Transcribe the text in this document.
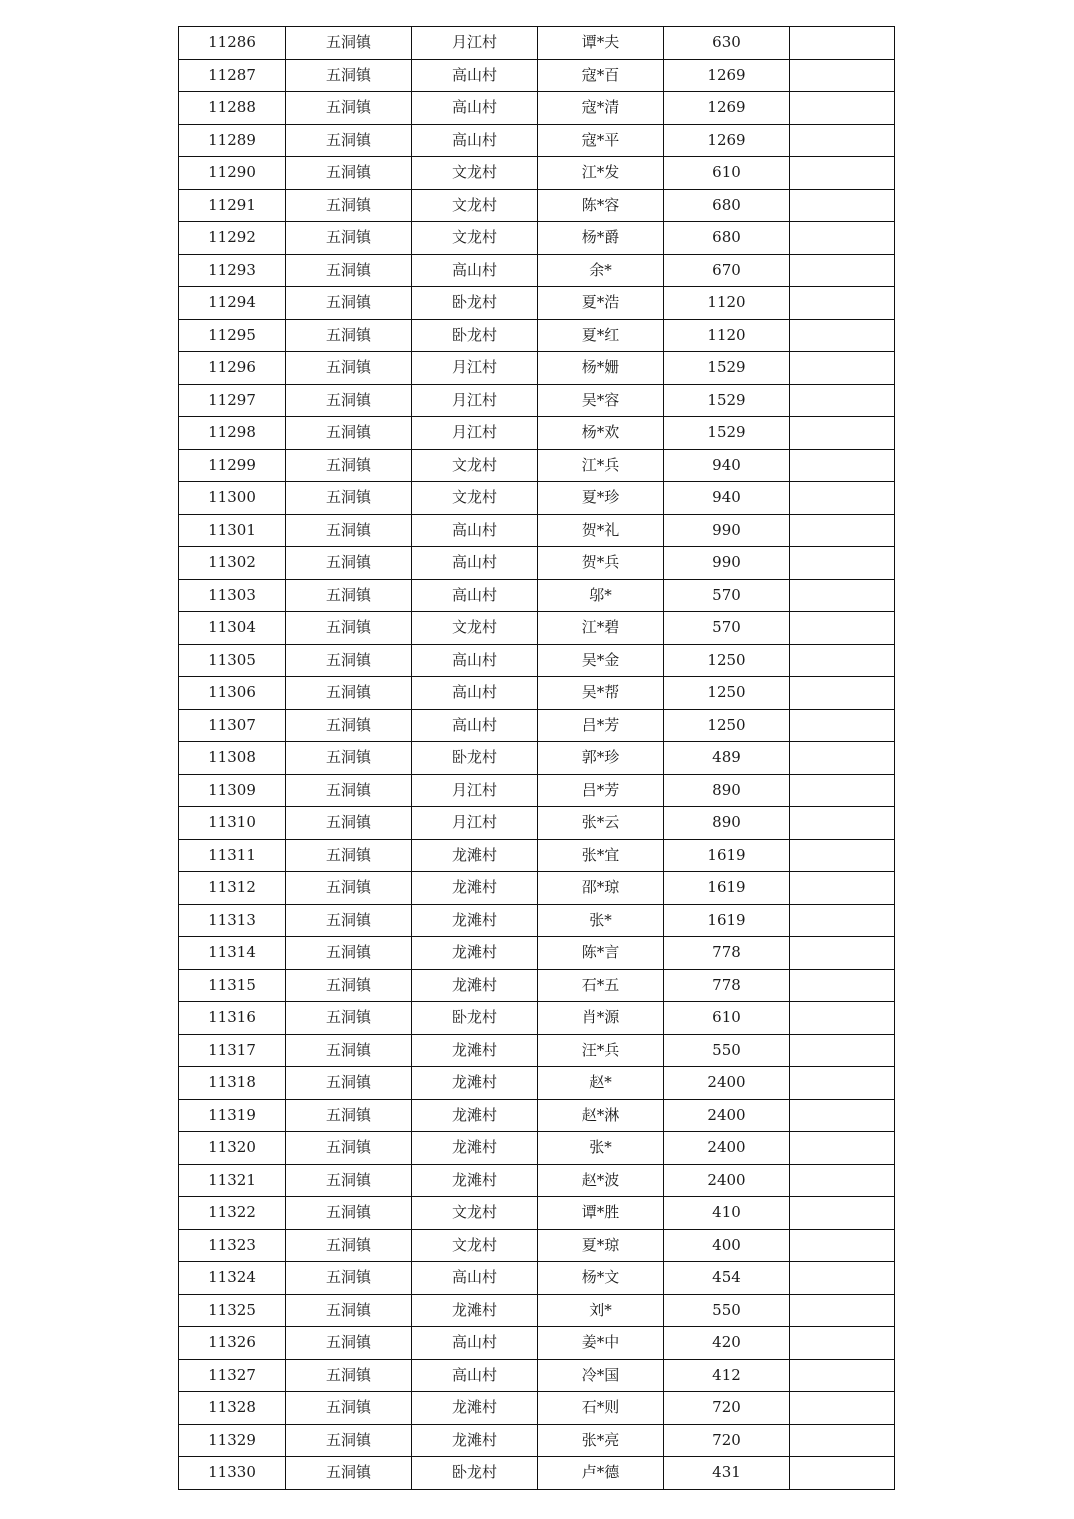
11286	五洞镇	月江村	谭*夫	630	
11287	五洞镇	高山村	寇*百	1269	
11288	五洞镇	高山村	寇*清	1269	
11289	五洞镇	高山村	寇*平	1269	
11290	五洞镇	文龙村	江*发	610	
11291	五洞镇	文龙村	陈*容	680	
11292	五洞镇	文龙村	杨*爵	680	
11293	五洞镇	高山村	余*	670	
11294	五洞镇	卧龙村	夏*浩	1120	
11295	五洞镇	卧龙村	夏*红	1120	
11296	五洞镇	月江村	杨*姗	1529	
11297	五洞镇	月江村	吴*容	1529	
11298	五洞镇	月江村	杨*欢	1529	
11299	五洞镇	文龙村	江*兵	940	
11300	五洞镇	文龙村	夏*珍	940	
11301	五洞镇	高山村	贺*礼	990	
11302	五洞镇	高山村	贺*兵	990	
11303	五洞镇	高山村	邬*	570	
11304	五洞镇	文龙村	江*碧	570	
11305	五洞镇	高山村	吴*金	1250	
11306	五洞镇	高山村	吴*帮	1250	
11307	五洞镇	高山村	吕*芳	1250	
11308	五洞镇	卧龙村	郭*珍	489	
11309	五洞镇	月江村	吕*芳	890	
11310	五洞镇	月江村	张*云	890	
11311	五洞镇	龙滩村	张*宜	1619	
11312	五洞镇	龙滩村	邵*琼	1619	
11313	五洞镇	龙滩村	张*	1619	
11314	五洞镇	龙滩村	陈*言	778	
11315	五洞镇	龙滩村	石*五	778	
11316	五洞镇	卧龙村	肖*源	610	
11317	五洞镇	龙滩村	汪*兵	550	
11318	五洞镇	龙滩村	赵*	2400	
11319	五洞镇	龙滩村	赵*淋	2400	
11320	五洞镇	龙滩村	张*	2400	
11321	五洞镇	龙滩村	赵*波	2400	
11322	五洞镇	文龙村	谭*胜	410	
11323	五洞镇	文龙村	夏*琼	400	
11324	五洞镇	高山村	杨*文	454	
11325	五洞镇	龙滩村	刘*	550	
11326	五洞镇	高山村	姜*中	420	
11327	五洞镇	高山村	冷*国	412	
11328	五洞镇	龙滩村	石*则	720	
11329	五洞镇	龙滩村	张*亮	720	
11330	五洞镇	卧龙村	卢*德	431	
